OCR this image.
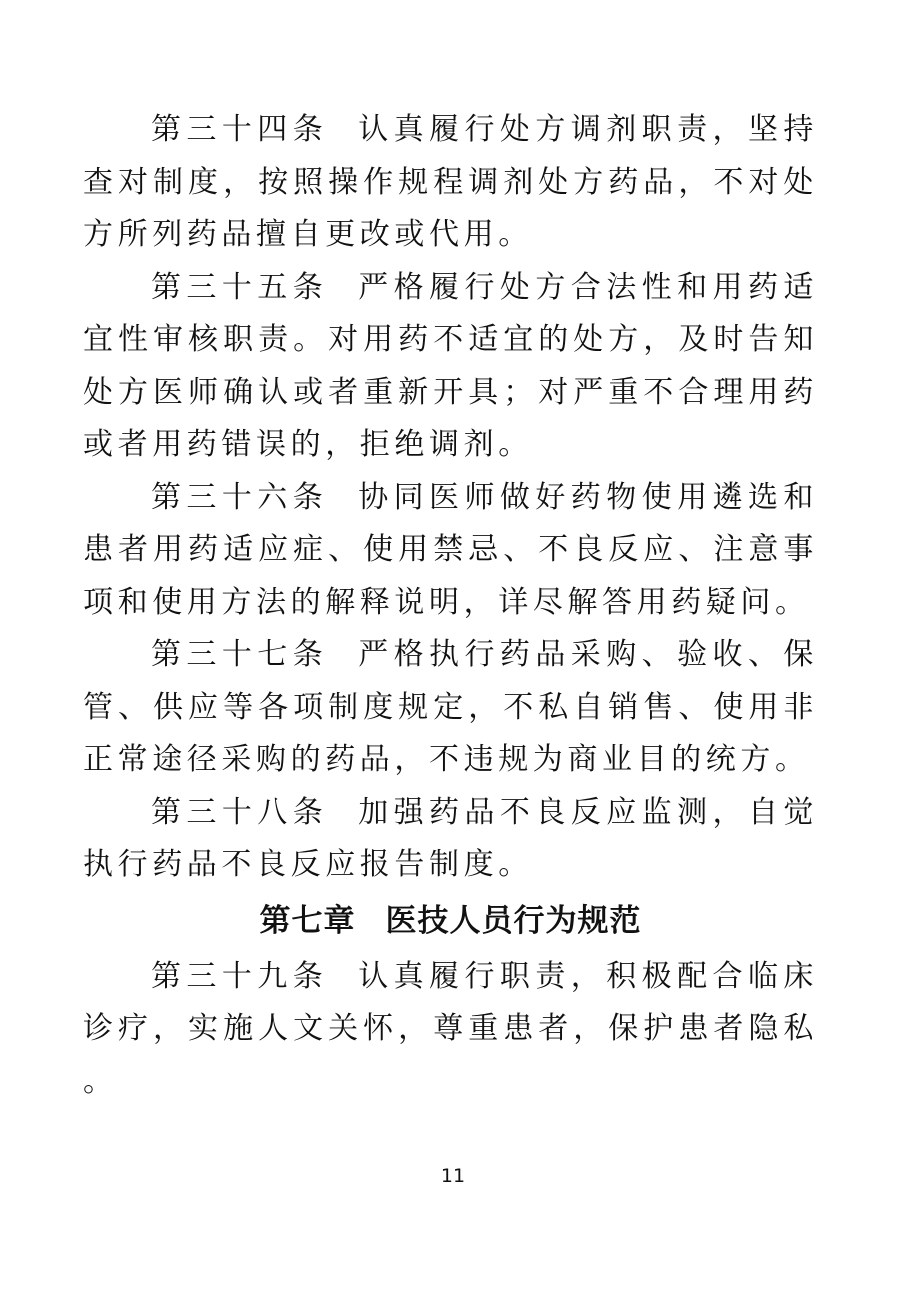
第三十四条 认真履行处方调剂职责，坚持查对制度，按照操作规程调剂处方药品，不对处方所列药品擅自更改或代用。

第三十五条 严格履行处方合法性和用药适宜性审核职责。对用药不适宜的处方，及时告知处方医师确认或者重新开具；对严重不合理用药或者用药错误的，拒绝调剂。

第三十六条 协同医师做好药物使用遴选和患者用药适应症、使用禁忌、不良反应、注意事项和使用方法的解释说明，详尽解答用药疑问。

第三十七条 严格执行药品采购、验收、保管、供应等各项制度规定，不私自销售、使用非正常途径采购的药品，不违规为商业目的统方。

第三十八条 加强药品不良反应监测，自觉执行药品不良反应报告制度。

第七章 医技人员行为规范

第三十九条 认真履行职责，积极配合临床诊疗，实施人文关怀，尊重患者，保护患者隐私。

11
